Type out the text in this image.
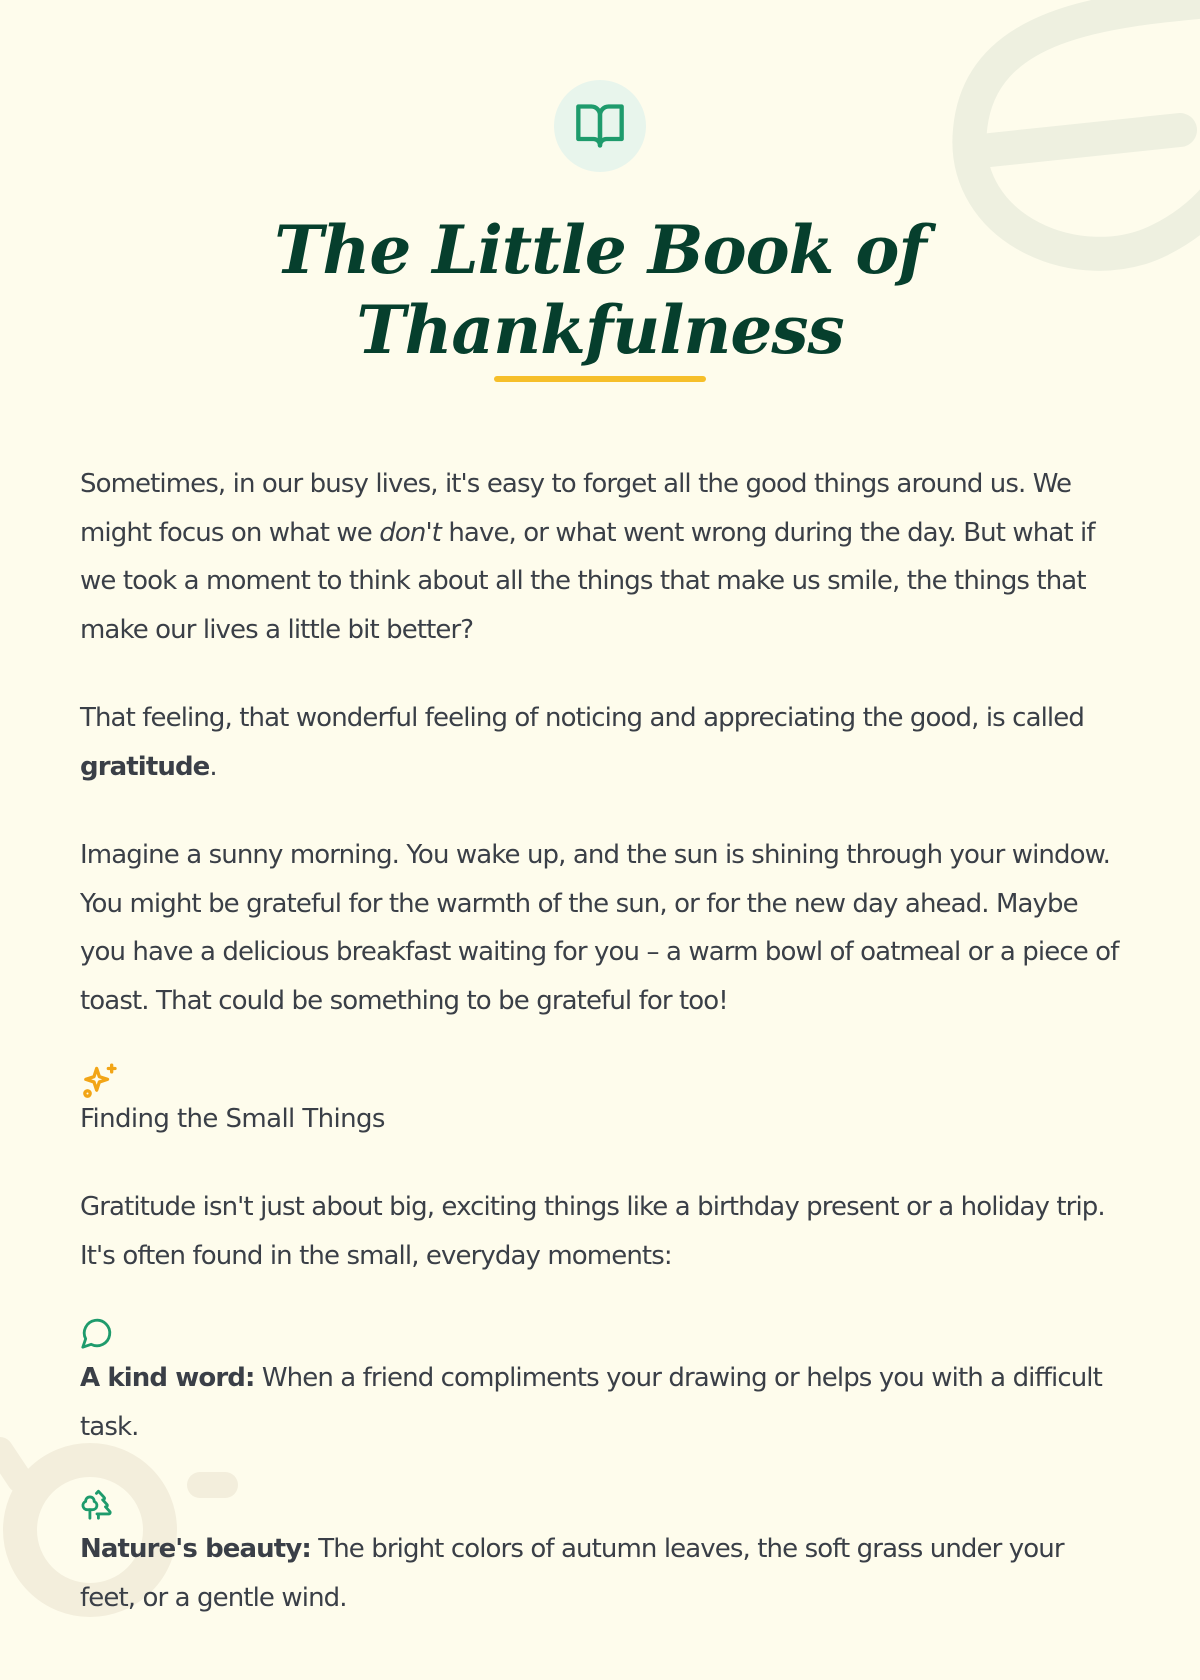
The Little Book of
Thankfulness

Sometimes, in our busy lives, it's easy to forget all the good things around us. We might focus on what we don't have, or what went wrong during the day. But what if we took a moment to think about all the things that make us smile, the things that make our lives a little bit better?

That feeling, that wonderful feeling of noticing and appreciating the good, is called gratitude.

Imagine a sunny morning. You wake up, and the sun is shining through your window. You might be grateful for the warmth of the sun, or for the new day ahead. Maybe you have a delicious breakfast waiting for you – a warm bowl of oatmeal or a piece of toast. That could be something to be grateful for too!

Finding the Small Things

Gratitude isn't just about big, exciting things like a birthday present or a holiday trip. It's often found in the small, everyday moments:

A kind word: When a friend compliments your drawing or helps you with a difficult task.
Nature's beauty: The bright colors of autumn leaves, the soft grass under your feet, or a gentle wind.
